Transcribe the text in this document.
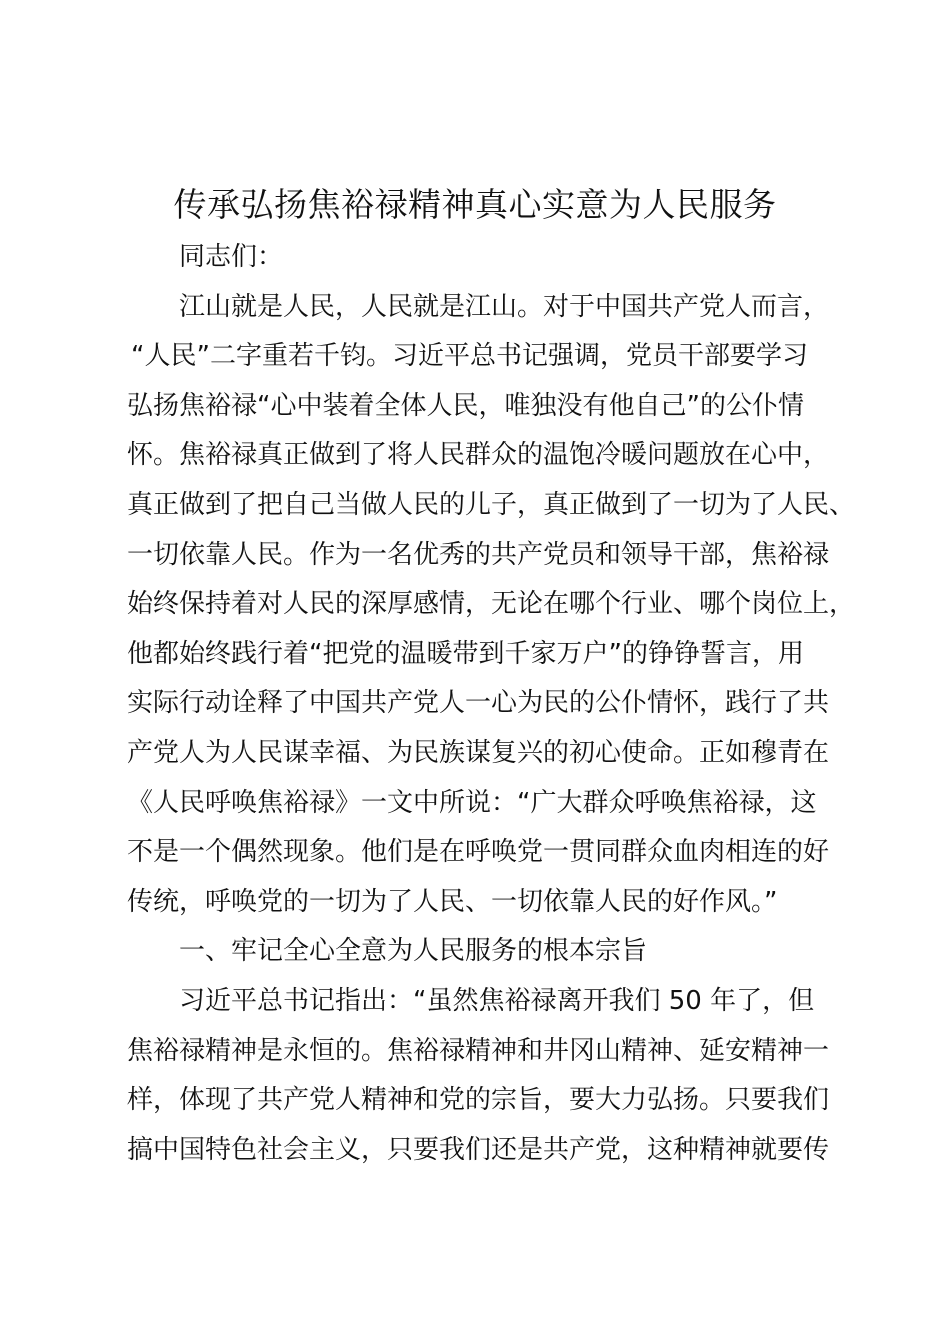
传承弘扬焦裕禄精神真心实意为人民服务

同志们：

江山就是人民，人民就是江山。对于中国共产党人而言，

“人民”二字重若千钧。习近平总书记强调，党员干部要学习

弘扬焦裕禄“心中装着全体人民，唯独没有他自己”的公仆情

怀。焦裕禄真正做到了将人民群众的温饱冷暖问题放在心中，

真正做到了把自己当做人民的儿子，真正做到了一切为了人民、

一切依靠人民。作为一名优秀的共产党员和领导干部，焦裕禄

始终保持着对人民的深厚感情，无论在哪个行业、哪个岗位上，

他都始终践行着“把党的温暖带到千家万户”的铮铮誓言，用

实际行动诠释了中国共产党人一心为民的公仆情怀，践行了共

产党人为人民谋幸福、为民族谋复兴的初心使命。正如穆青在

《人民呼唤焦裕禄》一文中所说：“广大群众呼唤焦裕禄，这

不是一个偶然现象。他们是在呼唤党一贯同群众血肉相连的好

传统，呼唤党的一切为了人民、一切依靠人民的好作风。”

一、牢记全心全意为人民服务的根本宗旨

习近平总书记指出：“虽然焦裕禄离开我们 50 年了，但

焦裕禄精神是永恒的。焦裕禄精神和井冈山精神、延安精神一

样，体现了共产党人精神和党的宗旨，要大力弘扬。只要我们

搞中国特色社会主义，只要我们还是共产党，这种精神就要传
